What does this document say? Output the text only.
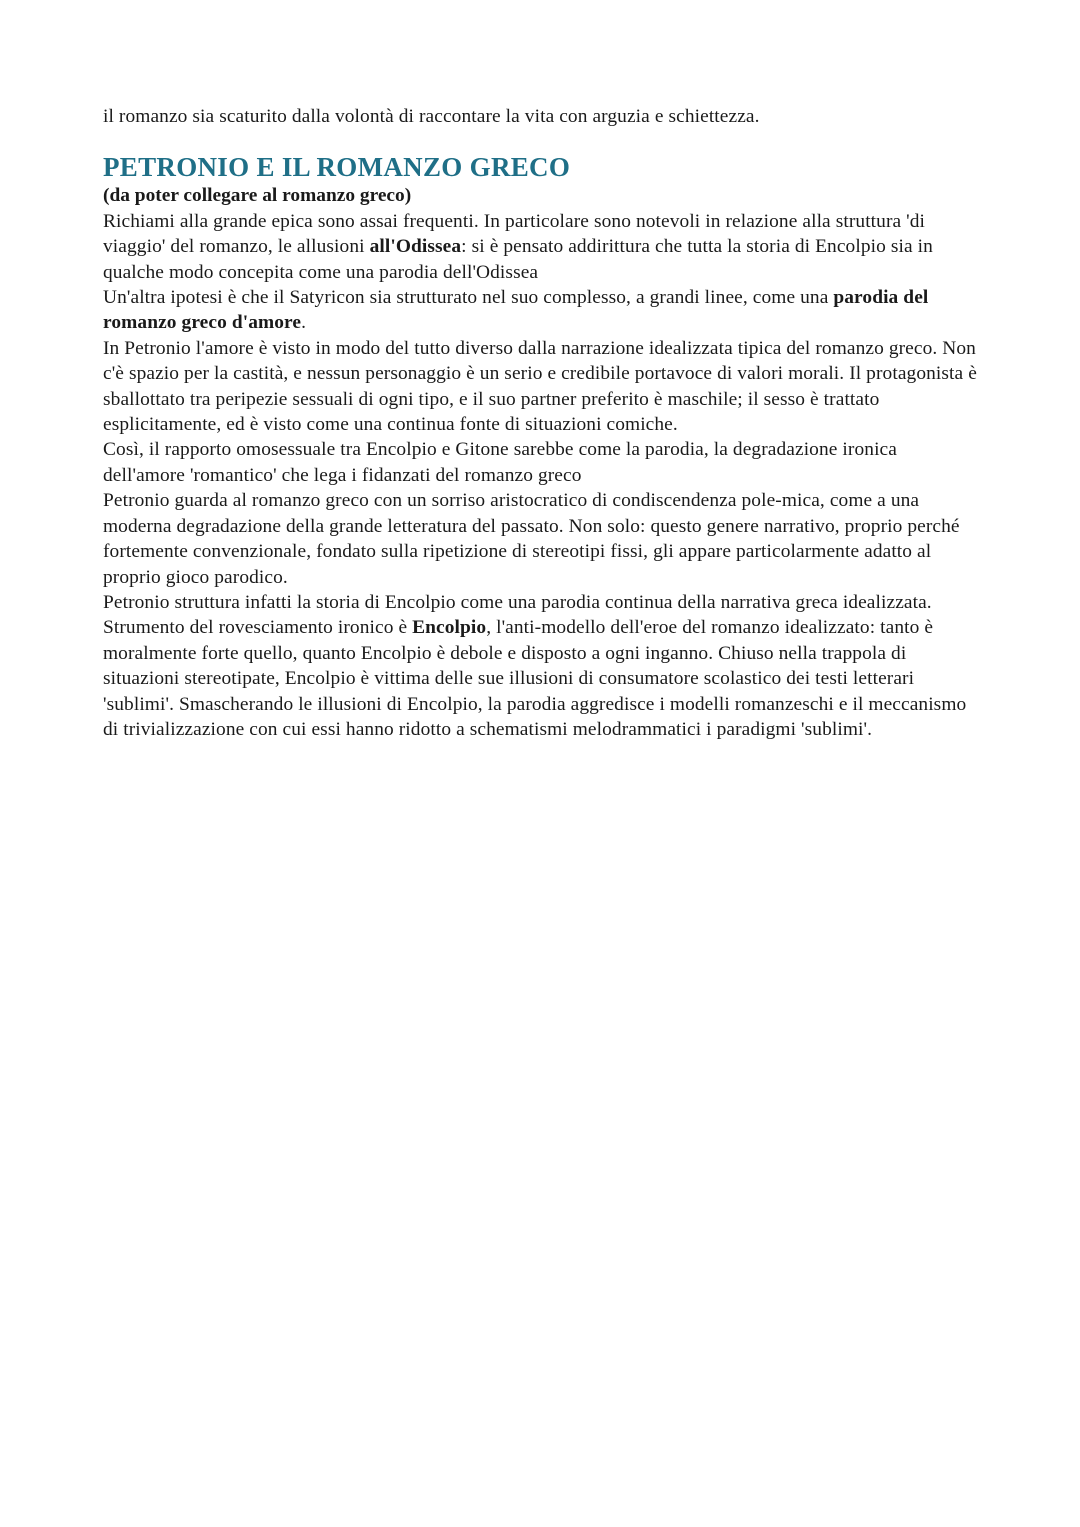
il romanzo sia scaturito dalla volontà di raccontare la vita con arguzia e schiettezza.

PETRONIO E IL ROMANZO GRECO

(da poter collegare al romanzo greco)

Richiami alla grande epica sono assai frequenti. In particolare sono notevoli in relazione alla struttura 'di viaggio' del romanzo, le allusioni all'Odissea: si è pensato addirittura che tutta la storia di Encolpio sia in qualche modo concepita come una parodia dell'Odissea

Un'altra ipotesi è che il Satyricon sia strutturato nel suo complesso, a grandi linee, come una parodia del romanzo greco d'amore.

In Petronio l'amore è visto in modo del tutto diverso dalla narrazione idealizzata tipica del romanzo greco. Non c'è spazio per la castità, e nessun personaggio è un serio e credibile portavoce di valori morali. Il protagonista è sballottato tra peripezie sessuali di ogni tipo, e il suo partner preferito è maschile; il sesso è trattato esplicitamente, ed è visto come una continua fonte di situazioni comiche.

Così, il rapporto omosessuale tra Encolpio e Gitone sarebbe come la parodia, la degradazione ironica dell'amore 'romantico' che lega i fidanzati del romanzo greco

Petronio guarda al romanzo greco con un sorriso aristocratico di condiscendenza pole-mica, come a una moderna degradazione della grande letteratura del passato. Non solo: questo genere narrativo, proprio perché fortemente convenzionale, fondato sulla ripetizione di stereotipi fissi, gli appare particolarmente adatto al proprio gioco parodico.

Petronio struttura infatti la storia di Encolpio come una parodia continua della narrativa greca idealizzata.

Strumento del rovesciamento ironico è Encolpio, l'anti-modello dell'eroe del romanzo idealizzato: tanto è moralmente forte quello, quanto Encolpio è debole e disposto a ogni inganno. Chiuso nella trappola di situazioni stereotipate, Encolpio è vittima delle sue illusioni di consumatore scolastico dei testi letterari 'sublimi'. Smascherando le illusioni di Encolpio, la parodia aggredisce i modelli romanzeschi e il meccanismo di trivializzazione con cui essi hanno ridotto a schematismi melodrammatici i paradigmi 'sublimi'.
